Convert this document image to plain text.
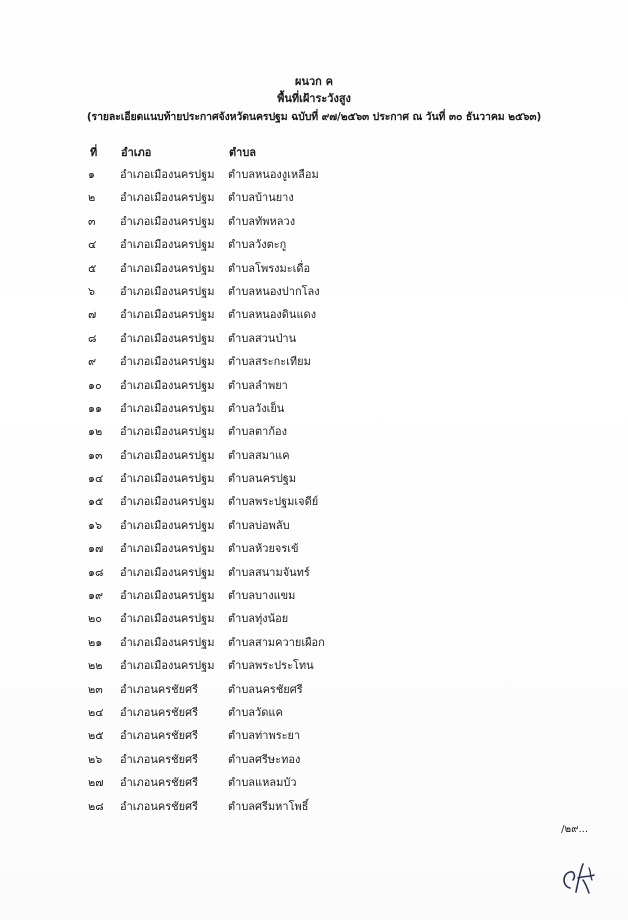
ผนวก ค
พื้นที่เฝ้าระวังสูง
(รายละเอียดแนบท้ายประกาศจังหวัดนครปฐม ฉบับที่ ๙๗/๒๕๖๓ ประกาศ ณ วันที่ ๓๐ ธันวาคม ๒๕๖๓)
ที่ อำเภอ	ตำบล
๑	อำเภอเมืองนครปฐม ตำบลหนองงูเหลือม
๒	อำเภอเมืองนครปฐม ตำบลบ้านยาง
๓	อำเภอเมืองนครปฐม ตำบลทัพหลวง
๔	อำเภอเมืองนครปฐม ตำบลวังตะกู
๕	อำเภอเมืองนครปฐม ตำบลโพรงมะเดื่อ
๖	อำเภอเมืองนครปฐม ตำบลหนองปากโลง
๗	อำเภอเมืองนครปฐม ตำบลหนองดินแดง
๘	อำเภอเมืองนครปฐม ตำบลสวนป่าน
๙	อำเภอเมืองนครปฐม ตำบลสระกะเทียม
๑๐	อำเภอเมืองนครปฐม ตำบลลำพยา
๑๑	อำเภอเมืองนครปฐม ตำบลวังเย็น
๑๒	อำเภอเมืองนครปฐม ตำบลตาก้อง
๑๓	อำเภอเมืองนครปฐม ตำบลสมาแค
๑๔	อำเภอเมืองนครปฐม ตำบลนครปฐม
๑๕	อำเภอเมืองนครปฐม ตำบลพระปฐมเจดีย์
๑๖	อำเภอเมืองนครปฐม ตำบลบ่อพลับ
๑๗	อำเภอเมืองนครปฐม ตำบลห้วยจรเข้
๑๘	อำเภอเมืองนครปฐม ตำบลสนามจันทร์
๑๙	อำเภอเมืองนครปฐม ตำบลบางแขม
๒๐	อำเภอเมืองนครปฐม ตำบลทุ่งน้อย
๒๑	อำเภอเมืองนครปฐม ตำบลสามควายเผือก
๒๒	อำเภอเมืองนครปฐม ตำบลพระประโทน
๒๓	อำเภอนครชัยศรี	ตำบลนครชัยศรี
๒๔	อำเภอนครชัยศรี	ตำบลวัดแค
๒๕	อำเภอนครชัยศรี	ตำบลท่าพระยา
๒๖	อำเภอนครชัยศรี	ตำบลศรีษะทอง
๒๗	อำเภอนครชัยศรี	ตำบลแหลมบัว
๒๘	อำเภอนครชัยศรี	ตำบลศรีมหาโพธิ์
/๒๙...
